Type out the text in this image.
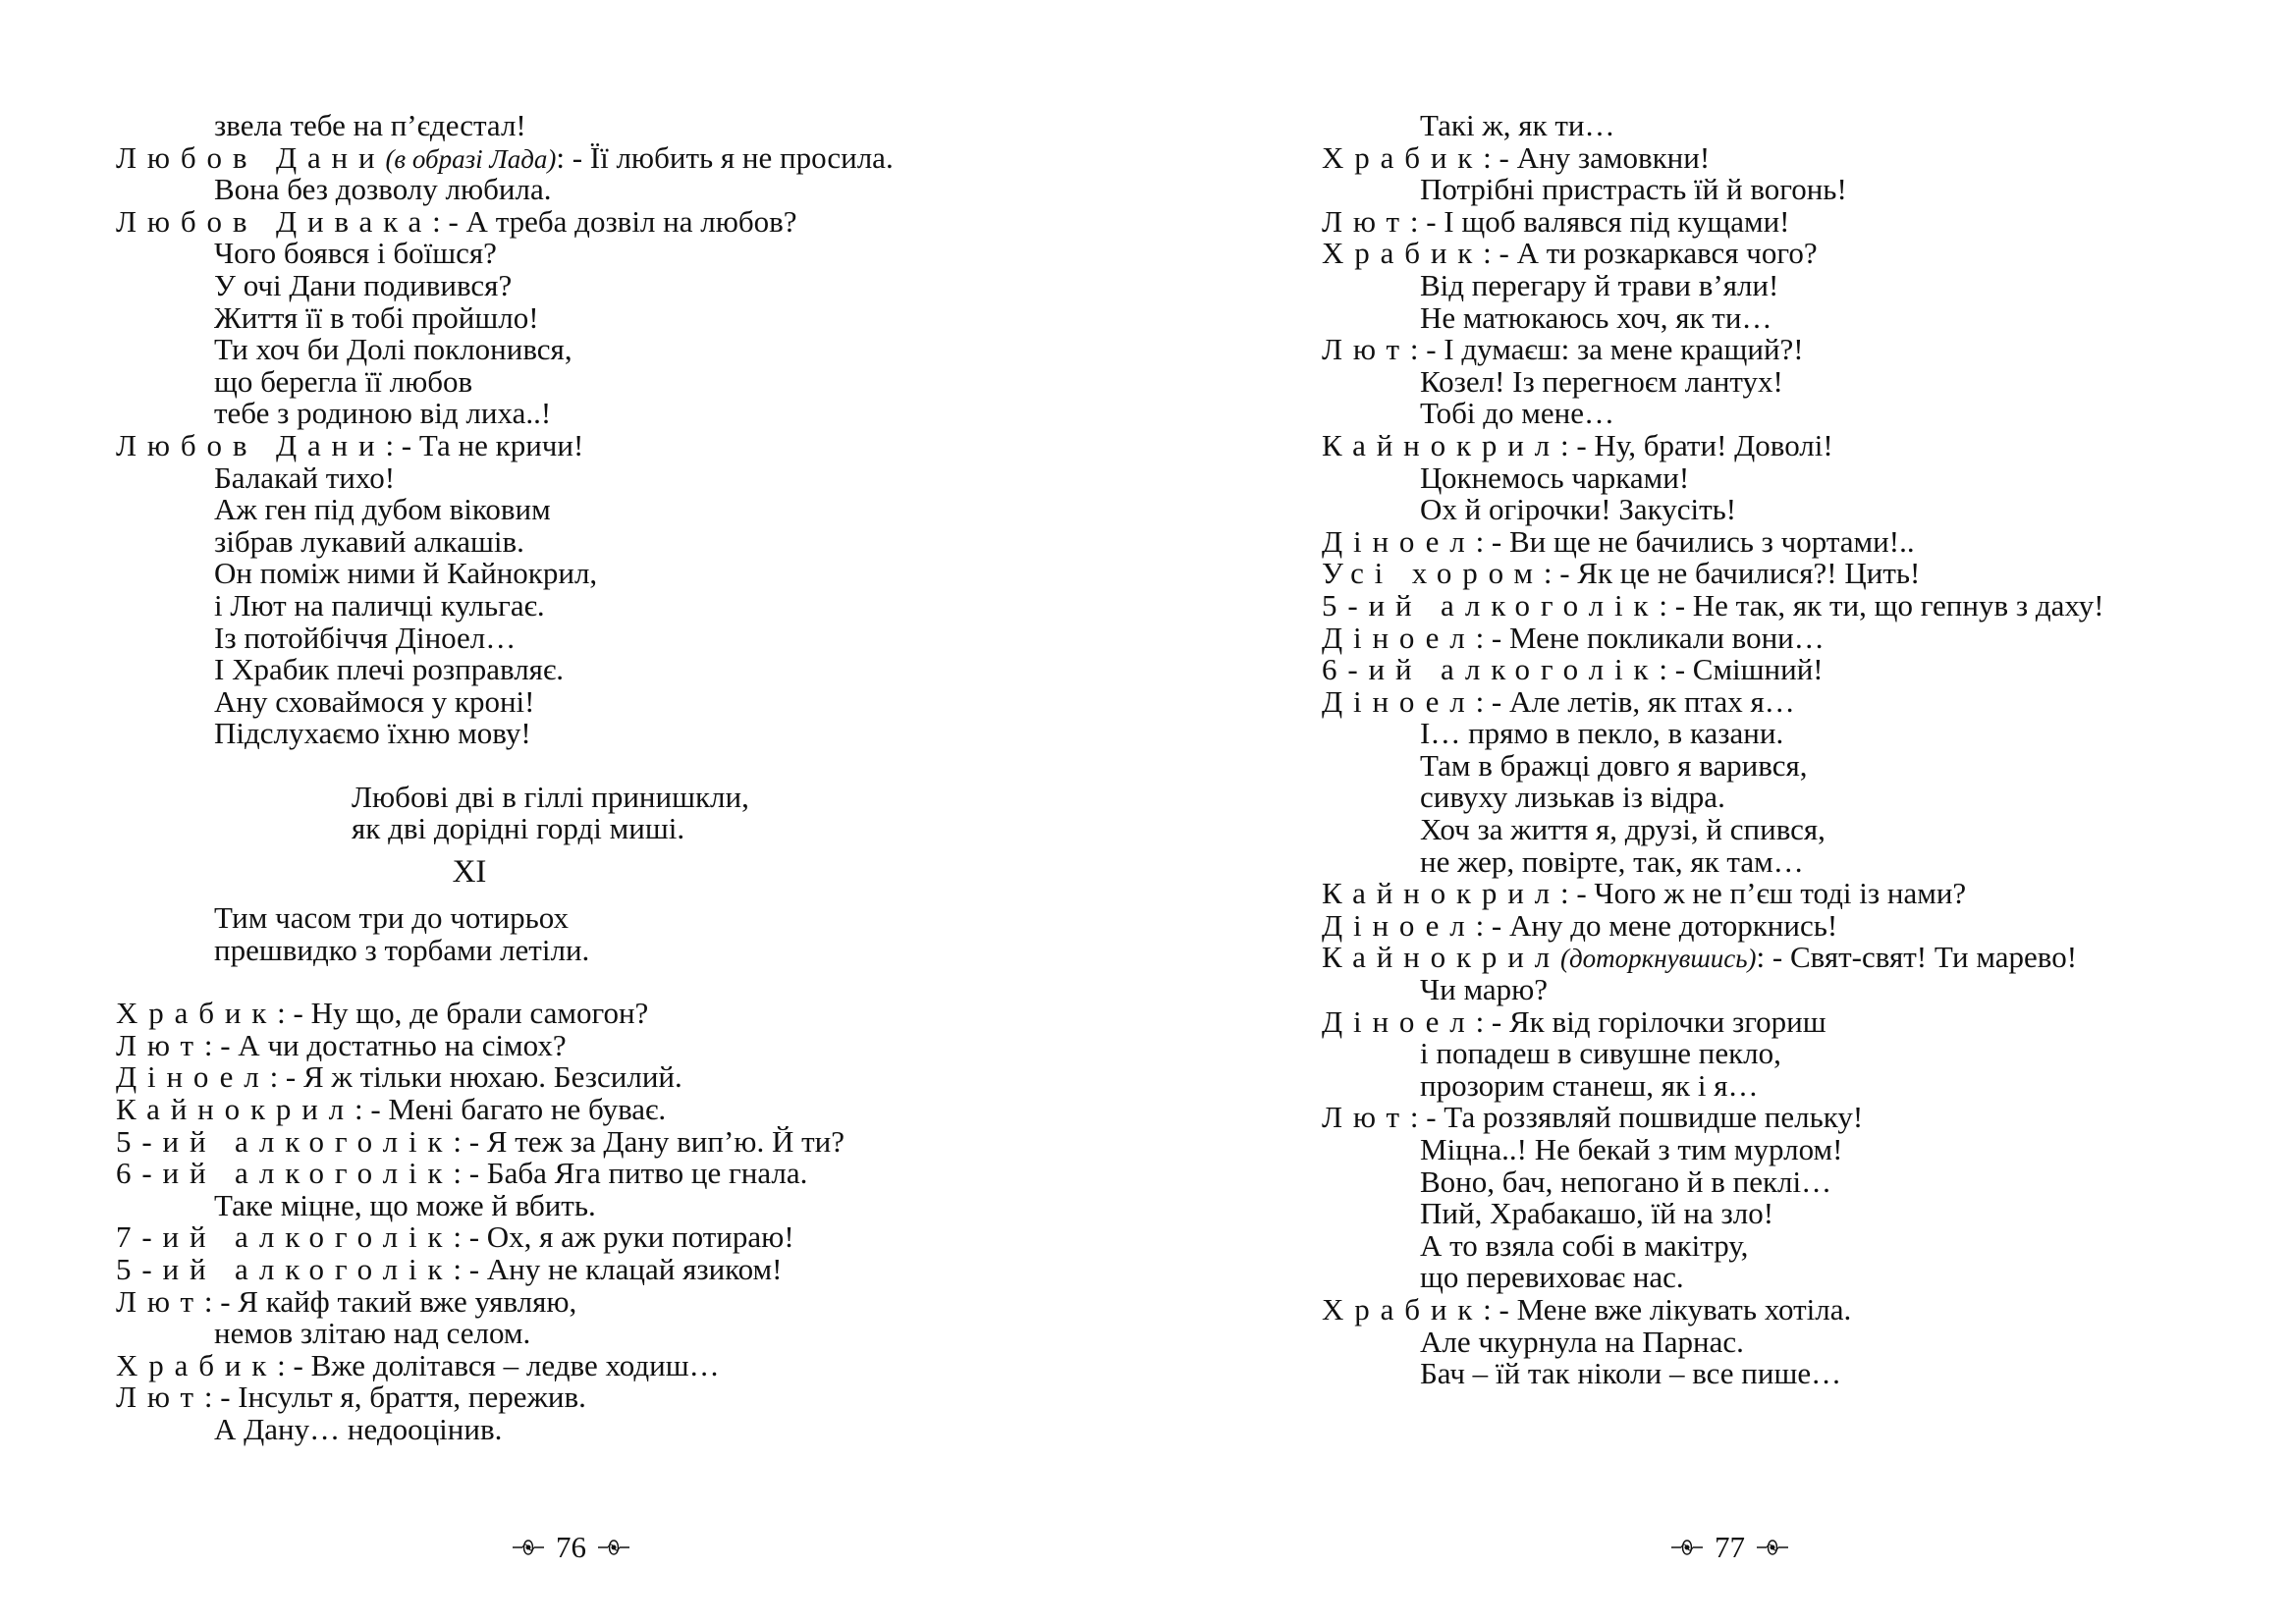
звела тебе на п’єдестал!
Любов Дани(в образі Лада): - Її любить я не просила.
Вона без дозволу любила.
Любов Дивака: - А треба дозвіл на любов?
Чого боявся і боїшся?
У очі Дани подивився?
Життя її в тобі пройшло!
Ти хоч би Долі поклонився,
що берегла її любов
тебе з родиною від лиха..!
Любов Дани: - Та не кричи!
Балакай тихо!
Аж ген під дубом віковим
зібрав лукавий алкашів.
Он поміж ними й Кайнокрил,
і Лют на паличці кульгає.
Із потойбіччя Діноел…
І Храбик плечі розправляє.
Ану сховаймося у кроні!
Підслухаємо їхню мову!
Любові дві в гіллі принишкли,
як дві дорідні горді миші.
XI
Тим часом три до чотирьох
прешвидко з торбами летіли.
Храбик: - Ну що, де брали самогон?
Лют: - А чи достатньо на сімох?
Діноел: - Я ж тільки нюхаю. Безсилий.
Кайнокрил: - Мені багато не буває.
5-ий алкоголік: - Я теж за Дану вип’ю. Й ти?
6-ий алкоголік: - Баба Яга питво це гнала.
Таке міцне, що може й вбить.
7-ий алкоголік: - Ох, я аж руки потираю!
5-ий алкоголік: - Ану не клацай язиком!
Лют: - Я кайф такий вже уявляю,
немов злітаю над селом.
Храбик: - Вже долітався – ледве ходиш…
Лют: - Інсульт я, браття, пережив.
А Дану… недооцінив.
Такі ж, як ти…
Храбик: - Ану замовкни!
Потрібні пристрасть їй й вогонь!
Лют: - І щоб валявся під кущами!
Храбик: - А ти розкаркався чого?
Від перегару й трави в’яли!
Не матюкаюсь хоч, як ти…
Лют: - І думаєш: за мене кращий?!
Козел! Із перегноєм лантух!
Тобі до мене…
Кайнокрил: - Ну, брати! Доволі!
Цокнемось чарками!
Ох й огірочки! Закусіть!
Діноел: - Ви ще не бачились з чортами!..
Усі хором: - Як це не бачилися?! Цить!
5-ий алкоголік: - Не так, як ти, що гепнув з даху!
Діноел: - Мене покликали вони…
6-ий алкоголік: - Смішний!
Діноел: - Але летів, як птах я…
І… прямо в пекло, в казани.
Там в бражці довго я варився,
сивуху лизькав із відра.
Хоч за життя я, друзі, й спився,
не жер, повірте, так, як там…
Кайнокрил: - Чого ж не п’єш тоді із нами?
Діноел: - Ану до мене доторкнись!
Кайнокрил(доторкнувшись): - Свят-свят! Ти марево!
Чи марю?
Діноел: - Як від горілочки згориш
і попадеш в сивушне пекло,
прозорим станеш, як і я…
Лют: - Та роззявляй пошвидше пельку!
Міцна..! Не бекай з тим мурлом!
Воно, бач, непогано й в пеклі…
Пий, Храбакашо, їй на зло!
А то взяла собі в макітру,
що перевиховає нас.
Храбик: - Мене вже лікувать хотіла.
Але чкурнула на Парнас.
Бач – їй так ніколи – все пише…
76	77
